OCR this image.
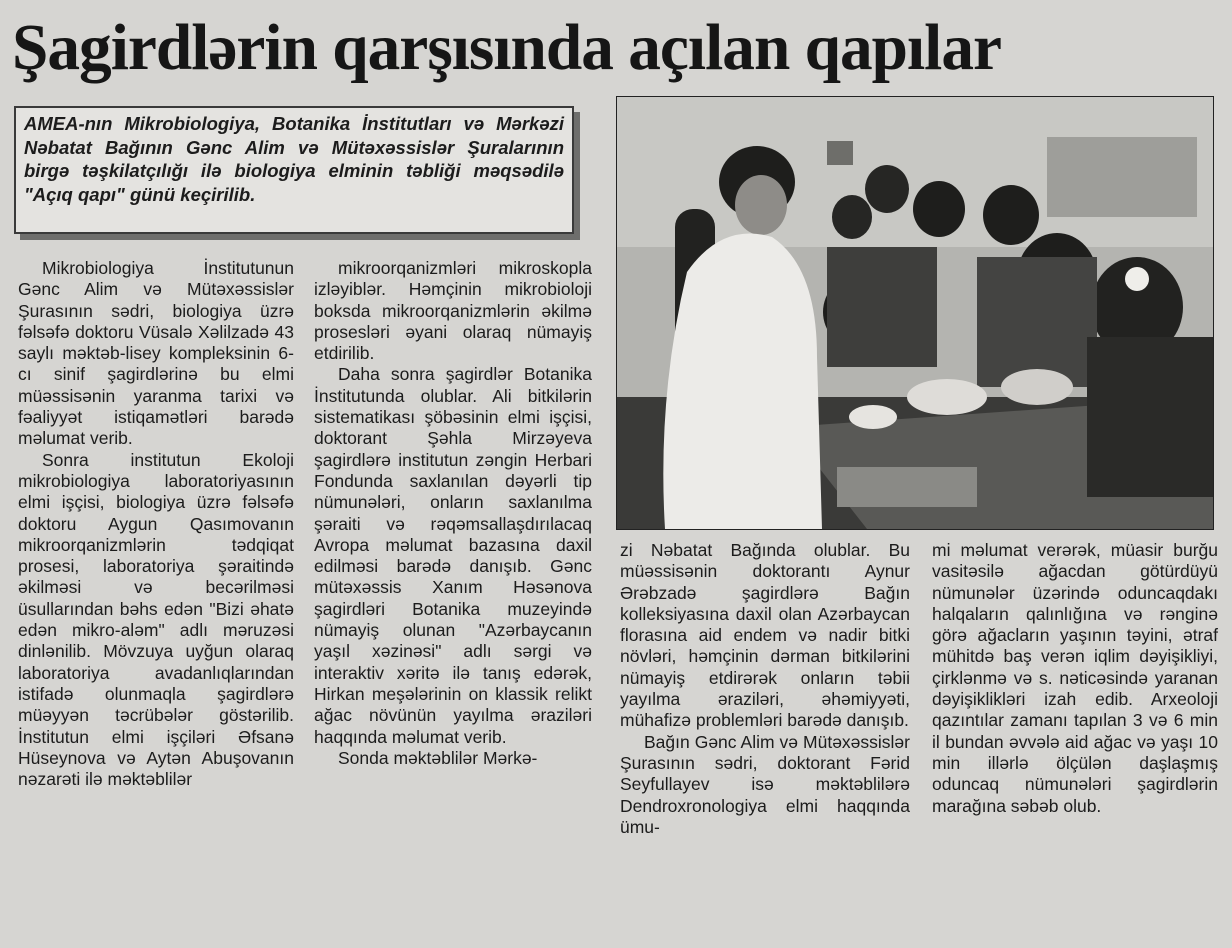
Şagirdlərin qarşısında açılan qapılar
AMEA-nın Mikrobiologiya, Botanika İnstitutları və Mərkəzi Nəbatat Bağının Gənc Alim və Mütəxəssislər Şuralarının birgə təşkilatçılığı ilə biologiya elminin təbliği məqsədilə "Açıq qapı" günü keçirilib.

Mikrobiologiya İnstitutunun Gənc Alim və Mütəxəssislər Şurasının sədri, biologiya üzrə fəlsəfə doktoru Vüsalə Xəlilzadə 43 saylı məktəb-lisey kompleksinin 6-cı sinif şagirdlərinə bu elmi müəssisənin yaranma tarixi və fəaliyyət istiqamətləri barədə məlumat verib.

Sonra institutun Ekoloji mikrobiologiya laboratoriyasının elmi işçisi, biologiya üzrə fəlsəfə doktoru Aygun Qasımovanın mikroorqanizmlərin tədqiqat prosesi, laboratoriya şəraitində əkilməsi və becərilməsi üsullarından bəhs edən "Bizi əhatə edən mikro-aləm" adlı məruzəsi dinlənilib. Mövzuya uyğun olaraq laboratoriya avadanlıqlarından istifadə olunmaqla şagirdlərə müəyyən təcrübələr göstərilib. İnstitutun elmi işçiləri Əfsanə Hüseynova və Aytən Abuşovanın nəzarəti ilə məktəblilər

mikroorqanizmləri mikroskopla izləyiblər. Həmçinin mikrobioloji boksda mikroorqanizmlərin əkilmə prosesləri əyani olaraq nümayiş etdirilib.

Daha sonra şagirdlər Botanika İnstitutunda olublar. Ali bitkilərin sistematikası şöbəsinin elmi işçisi, doktorant Şəhla Mirzəyeva şagirdlərə institutun zəngin Herbari Fondunda saxlanılan dəyərli tip nümunələri, onların saxlanılma şəraiti və rəqəmsallaşdırılacaq Avropa məlumat bazasına daxil edilməsi barədə danışıb. Gənc mütəxəssis Xanım Həsənova şagirdləri Botanika muzeyində nümayiş olunan "Azərbaycanın yaşıl xəzinəsi" adlı sərgi və interaktiv xəritə ilə tanış edərək, Hirkan meşələrinin on klassik relikt ağac növünün yayılma əraziləri haqqında məlumat verib.

Sonda məktəblilər Mərkə-

zi Nəbatat Bağında olublar. Bu müəssisənin doktorantı Aynur Ərəbzadə şagirdlərə Bağın kolleksiyasına daxil olan Azərbaycan florasına aid endem və nadir bitki növləri, həmçinin dərman bitkilərini nümayiş etdirərək onların təbii yayılma əraziləri, əhəmiyyəti, mühafizə problemləri barədə danışıb.

Bağın Gənc Alim və Mütəxəssislər Şurasının sədri, doktorant Fərid Seyfullayev isə məktəblilərə Dendroxronologiya elmi haqqında ümu-

mi məlumat verərək, müasir burğu vasitəsilə ağacdan götürdüyü nümunələr üzərində oduncaqdakı halqaların qalınlığına və rənginə görə ağacların yaşının təyini, ətraf mühitdə baş verən iqlim dəyişikliyi, çirklənmə və s. nəticəsində yaranan dəyişiklikləri izah edib. Arxeoloji qazıntılar zamanı tapılan 3 və 6 min il bundan əvvələ aid ağac və yaşı 10 min illərlə ölçülən daşlaşmış oduncaq nümunələri şagirdlərin marağına səbəb olub.
